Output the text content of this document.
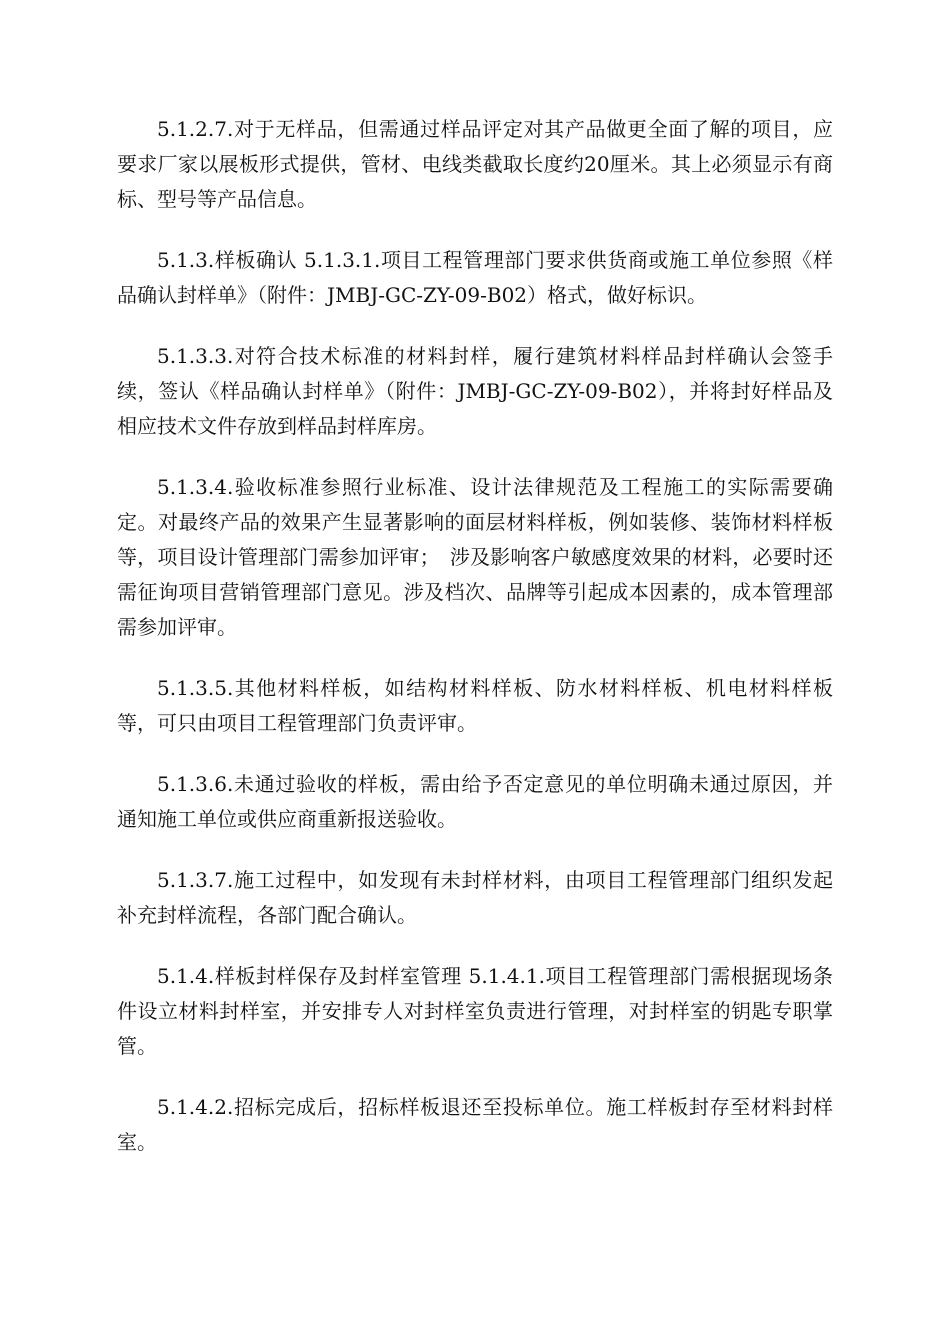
5.1.2.7.对于无样品，但需通过样品评定对其产品做更全面了解的项目，应要求厂家以展板形式提供，管材、电线类截取长度约20厘米。其上必须显示有商标、型号等产品信息。

5.1.3.样板确认 5.1.3.1.项目工程管理部门要求供货商或施工单位参照《样品确认封样单》（附件：JMBJ-GC-ZY-09-B02）格式，做好标识。

5.1.3.3.对符合技术标准的材料封样，履行建筑材料样品封样确认会签手续，签认《样品确认封样单》（附件：JMBJ-GC-ZY-09-B02），并将封好样品及相应技术文件存放到样品封样库房。

5.1.3.4.验收标准参照行业标准、设计法律规范及工程施工的实际需要确定。对最终产品的效果产生显著影响的面层材料样板，例如装修、装饰材料样板等，项目设计管理部门需参加评审；　涉及影响客户敏感度效果的材料，必要时还需征询项目营销管理部门意见。涉及档次、品牌等引起成本因素的，成本管理部需参加评审。

5.1.3.5.其他材料样板，如结构材料样板、防水材料样板、机电材料样板等，可只由项目工程管理部门负责评审。

5.1.3.6.未通过验收的样板，需由给予否定意见的单位明确未通过原因，并通知施工单位或供应商重新报送验收。

5.1.3.7.施工过程中，如发现有未封样材料，由项目工程管理部门组织发起补充封样流程，各部门配合确认。

5.1.4.样板封样保存及封样室管理 5.1.4.1.项目工程管理部门需根据现场条件设立材料封样室，并安排专人对封样室负责进行管理，对封样室的钥匙专职掌管。

5.1.4.2.招标完成后，招标样板退还至投标单位。施工样板封存至材料封样室。
